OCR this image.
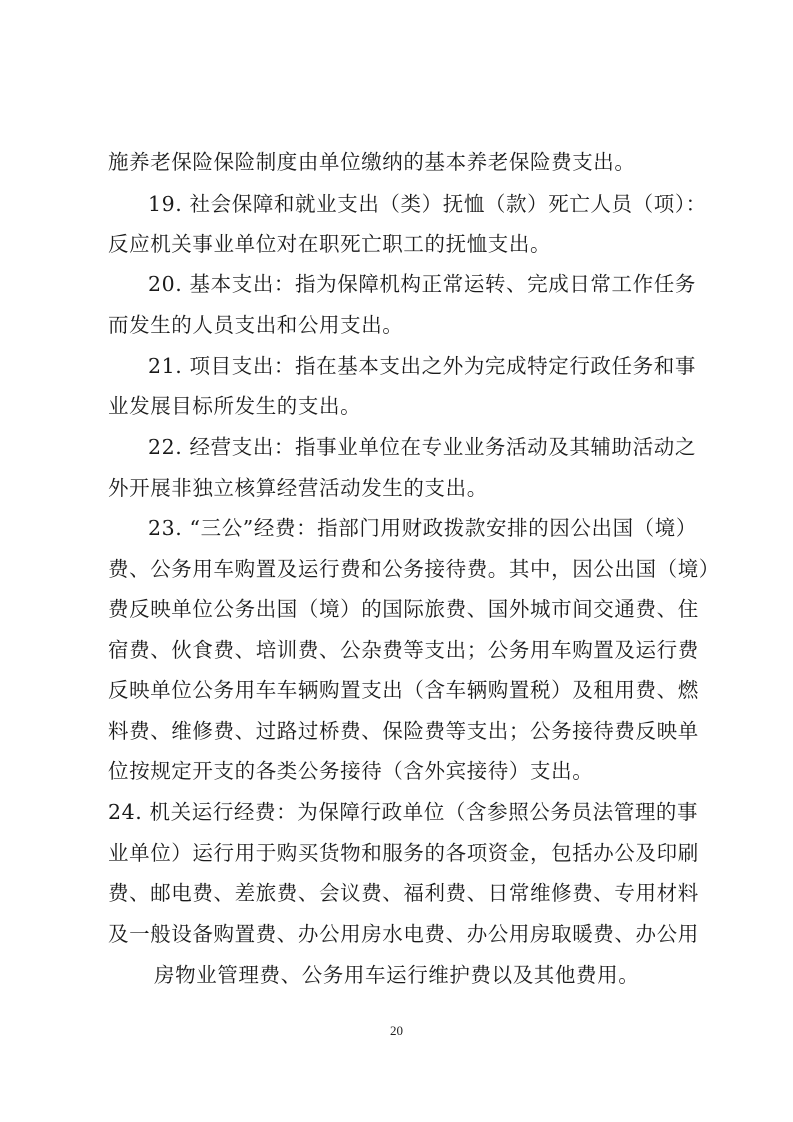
施养老保险保险制度由单位缴纳的基本养老保险费支出。

19. 社会保障和就业支出（类）抚恤（款）死亡人员（项）：

反应机关事业单位对在职死亡职工的抚恤支出。

20. 基本支出：指为保障机构正常运转、完成日常工作任务

而发生的人员支出和公用支出。

21. 项目支出：指在基本支出之外为完成特定行政任务和事

业发展目标所发生的支出。

22. 经营支出：指事业单位在专业业务活动及其辅助活动之

外开展非独立核算经营活动发生的支出。

23. “三公”经费：指部门用财政拨款安排的因公出国（境）

费、公务用车购置及运行费和公务接待费。其中，因公出国（境）

费反映单位公务出国（境）的国际旅费、国外城市间交通费、住

宿费、伙食费、培训费、公杂费等支出；公务用车购置及运行费

反映单位公务用车车辆购置支出（含车辆购置税）及租用费、燃

料费、维修费、过路过桥费、保险费等支出；公务接待费反映单

位按规定开支的各类公务接待（含外宾接待）支出。

24. 机关运行经费：为保障行政单位（含参照公务员法管理的事

业单位）运行用于购买货物和服务的各项资金，包括办公及印刷

费、邮电费、差旅费、会议费、福利费、日常维修费、专用材料

及一般设备购置费、办公用房水电费、办公用房取暖费、办公用

房物业管理费、公务用车运行维护费以及其他费用。

20
